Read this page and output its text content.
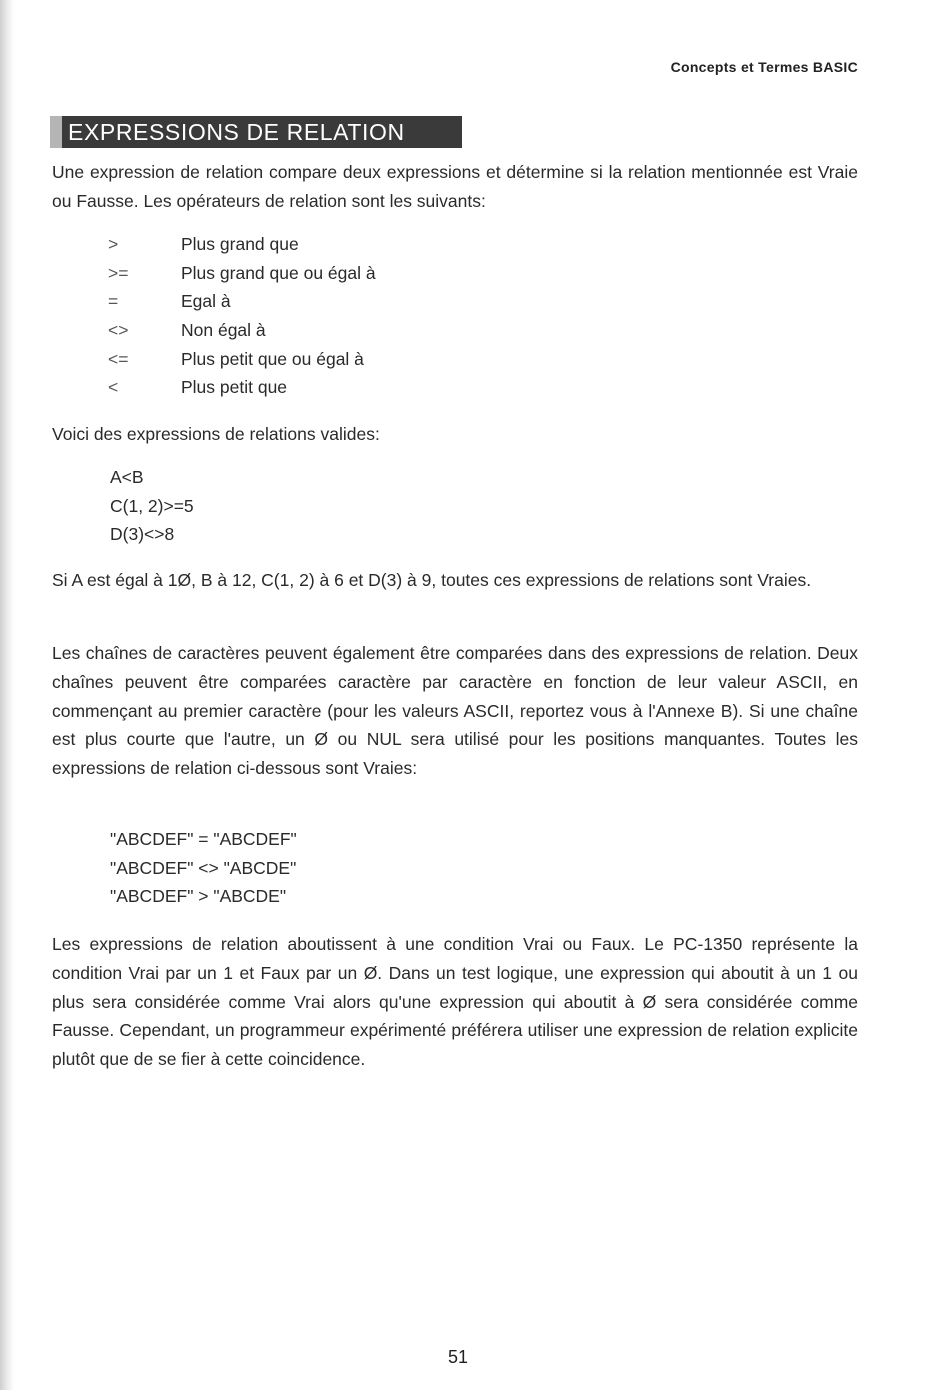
Concepts et Termes BASIC
EXPRESSIONS DE RELATION

Une expression de relation compare deux expressions et détermine si la relation mentionnée est Vraie ou Fausse. Les opérateurs de relation sont les suivants:

>	Plus grand que
>=	Plus grand que ou égal à
=	Egal à
<>	Non égal à
<=	Plus petit que ou égal à
<	Plus petit que

Voici des expressions de relations valides:

A<B
C(1, 2)>=5
D(3)<>8

Si A est égal à 1Ø, B à 12, C(1, 2) à 6 et D(3) à 9, toutes ces expressions de relations sont Vraies.

Les chaînes de caractères peuvent également être comparées dans des expressions de relation. Deux chaînes peuvent être comparées caractère par caractère en fonction de leur valeur ASCII, en commençant au premier caractère (pour les valeurs ASCII, reportez vous à l'Annexe B). Si une chaîne est plus courte que l'autre, un Ø ou NUL sera utilisé pour les positions manquantes. Toutes les expressions de relation ci-dessous sont Vraies:

"ABCDEF" = "ABCDEF"
"ABCDEF" <> "ABCDE"
"ABCDEF" > "ABCDE"

Les expressions de relation aboutissent à une condition Vrai ou Faux. Le PC-1350 représente la condition Vrai par un 1 et Faux par un Ø. Dans un test logique, une expression qui aboutit à un 1 ou plus sera considérée comme Vrai alors qu'une expression qui aboutit à Ø sera considérée comme Fausse. Cependant, un programmeur expérimenté préférera utiliser une expression de relation explicite plutôt que de se fier à cette coincidence.

51
